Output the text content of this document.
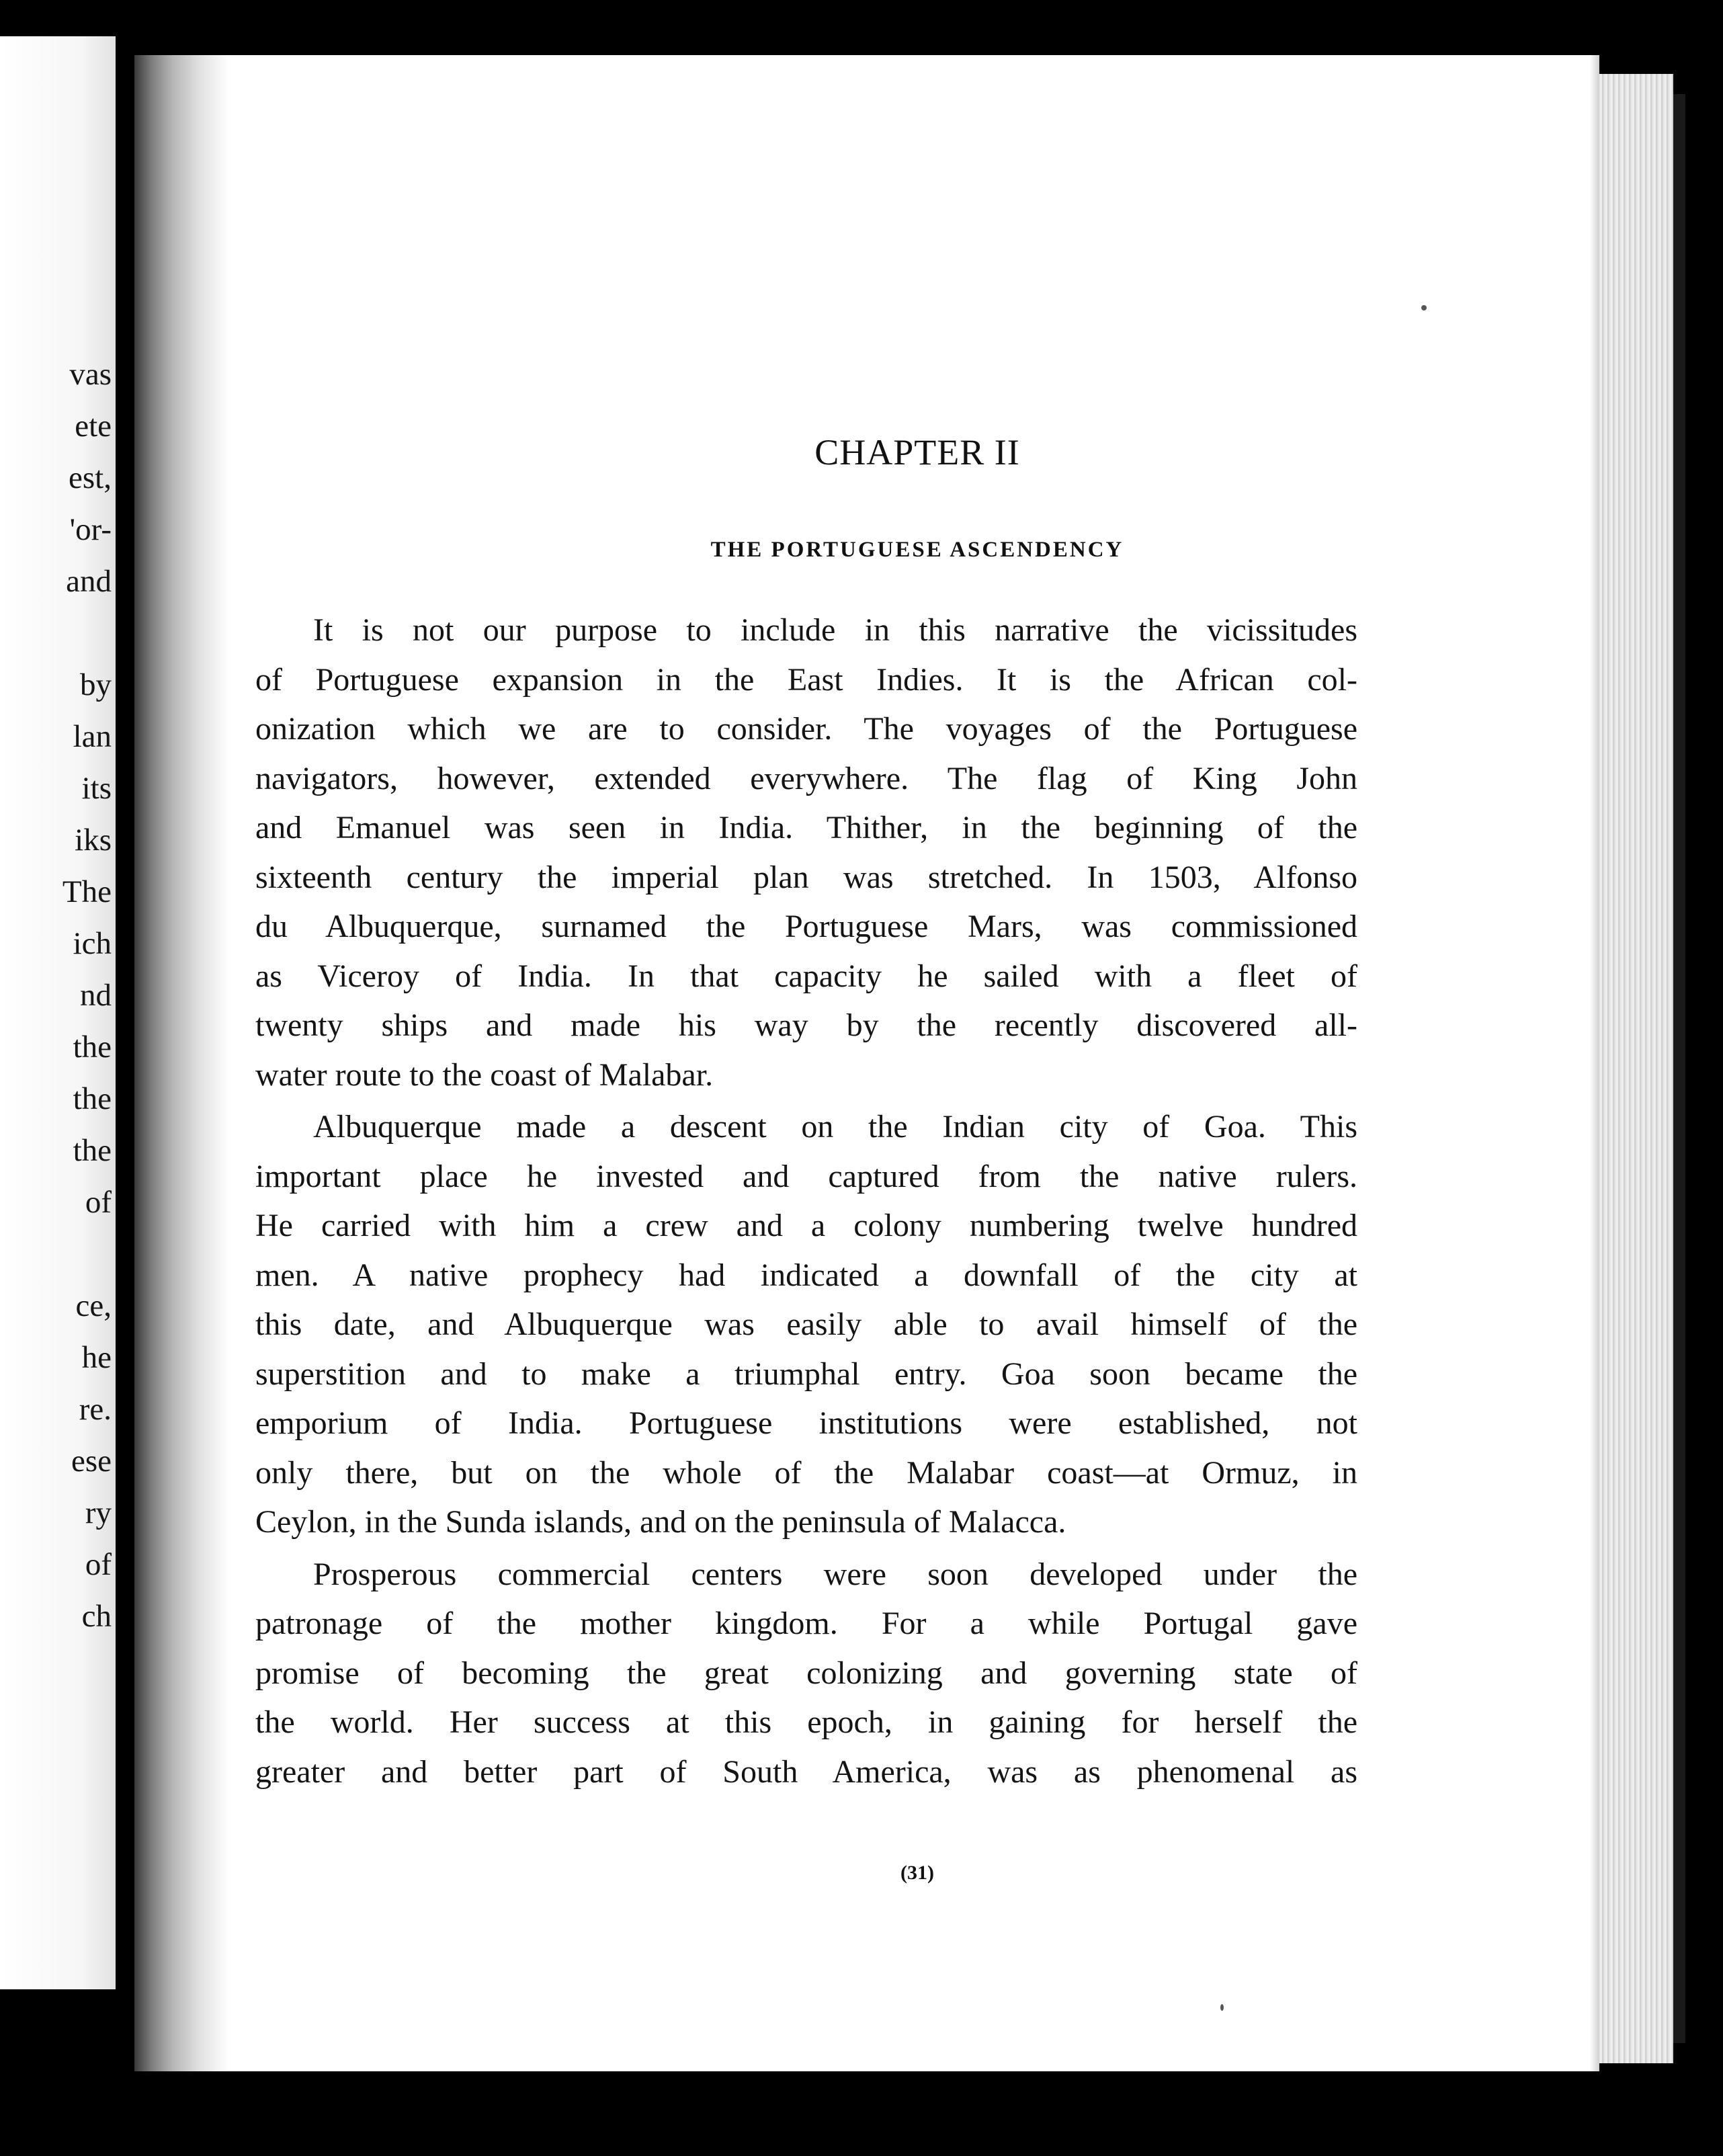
vas
ete
est,
'or-
and
by
lan
its
iks
The
ich
nd
the
the
the
of
ce,
he
re.
ese
ry
of
ch
CHAPTER II
THE PORTUGUESE ASCENDENCY
It is not our purpose to include in this narrative the vicissitudes
of Portuguese expansion in the East Indies. It is the African col-
onization which we are to consider. The voyages of the Portuguese
navigators, however, extended everywhere. The flag of King John
and Emanuel was seen in India. Thither, in the beginning of the
sixteenth century the imperial plan was stretched. In 1503, Alfonso
du Albuquerque, surnamed the Portuguese Mars, was commissioned
as Viceroy of India. In that capacity he sailed with a fleet of
twenty ships and made his way by the recently discovered all-
water route to the coast of Malabar.
Albuquerque made a descent on the Indian city of Goa. This
important place he invested and captured from the native rulers.
He carried with him a crew and a colony numbering twelve hundred
men. A native prophecy had indicated a downfall of the city at
this date, and Albuquerque was easily able to avail himself of the
superstition and to make a triumphal entry. Goa soon became the
emporium of India. Portuguese institutions were established, not
only there, but on the whole of the Malabar coast—at Ormuz, in
Ceylon, in the Sunda islands, and on the peninsula of Malacca.
Prosperous commercial centers were soon developed under the
patronage of the mother kingdom. For a while Portugal gave
promise of becoming the great colonizing and governing state of
the world. Her success at this epoch, in gaining for herself the
greater and better part of South America, was as phenomenal as
(31)
